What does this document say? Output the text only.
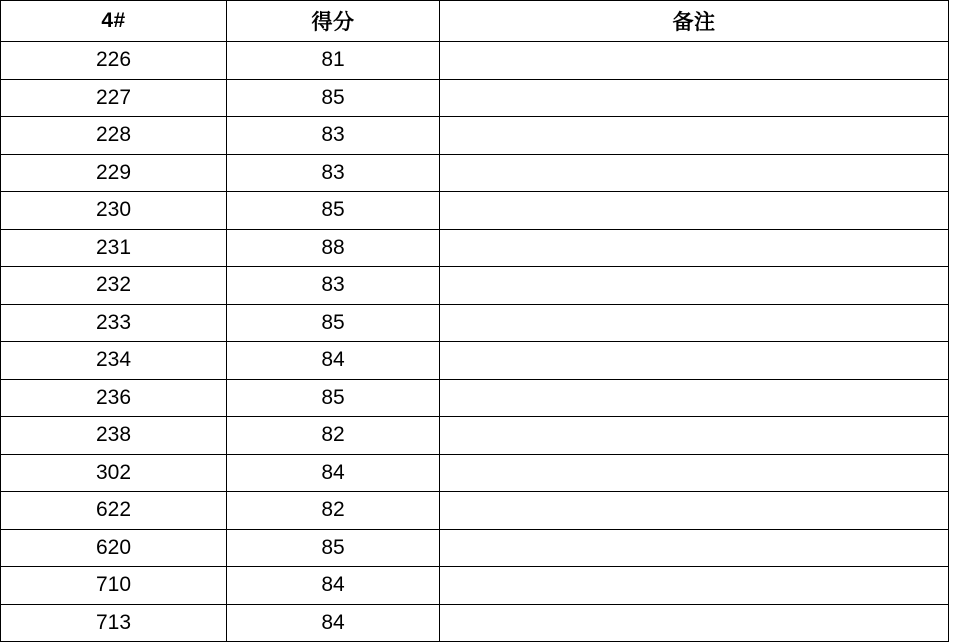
4#	得分	备注
226	81	
227	85	
228	83	
229	83	
230	85	
231	88	
232	83	
233	85	
234	84	
236	85	
238	82	
302	84	
622	82	
620	85	
710	84	
713	84	
